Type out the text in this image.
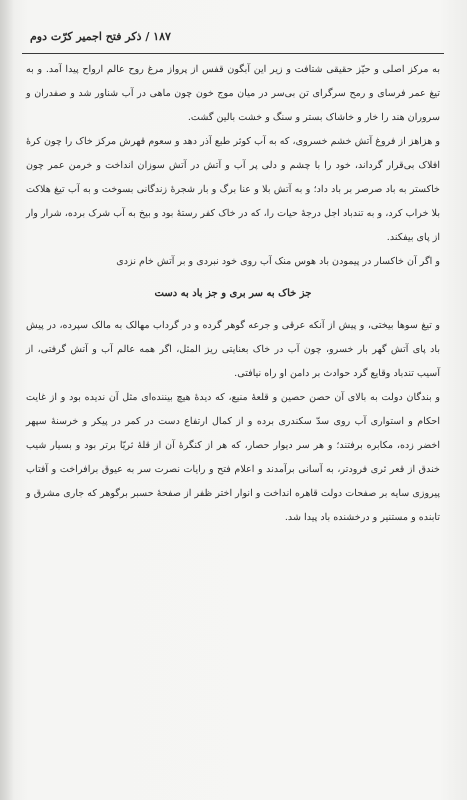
۱۸۷ / ذکر فتح اجمیر کرّت دوم

به مرکز اصلی و حیّز حقیقی شتافت و زیر این آبگون قفس از پرواز مرغ روح عالم ارواح پیدا آمد. و به تیغ عمر فرسای و رمح سرگرای تن بی‌سر در میان موج خون چون ماهی در آب شناور شد و صفدران و سروران هند را خار و خاشاک بستر و سنگ و خشت بالین گشت.

و هزاهز از فروغ آتش خشم خسروی، که به آب کوثر طبع آذر دهد و سعوم قهرش مرکز خاک را چون کرهٔ افلاک بی‌قرار گرداند، خود را با چشم و دلی پر آب و آتش در آتش سوزان انداخت و خرمن عمر چون خاکستر به باد صرصر بر باد داد؛ و به آتش بلا و عنا برگ و بار شجرهٔ زندگانی بسوخت و به آب تیغ هلاکت بلا خراب کرد، و به تندباد اجل درجهٔ حیات را، که در خاک کفر رستهٔ بود و بیخ به آب شرک برده، شرار وار از پای بیفکند.

و اگر آن خاکسار در پیمودن باد هوس منک آب روی خود نبردی و بر آتش خام نزدی

جز خاک به سر بری و جز باد به دست

و تیغ سوها بیختی، و پیش از آنکه عرقی و جرعه گوهر گرده و در گرداب مهالک به مالک سپرده، در پیش باد پای آتش گهر بار خسرو، چون آب در خاک بعنایتی ریز المثل، اگر همه عالم آب و آتش گرفتی، از آسیب تندباد وقایع گرد حوادث بر دامن او راه نیافتی.

و بندگان دولت به بالای آن حصن حصین و قلعهٔ منیع، که دیدهٔ هیچ بیننده‌ای مثل آن ندیده بود و از غایت احکام و استواری آب روی سدّ سکندری برده و از کمال ارتفاع دست در کمر در پیکر و خرسنهٔ سپهر اخضر زده، مکابره برفتند؛ و هر سر دیوار حصار، که هر از کنگرهٔ آن از قلهٔ ثریّا برتر بود و بسیار شیب خندق از قعر ثری فرودتر، به آسانی برآمدند و اعلام فتح و رایات نصرت سر به عیوق برافراخت و آفتاب پیروزی سایه بر صفحات دولت قاهره انداخت و انوار اختر ظفر از صفحهٔ حسبر برگوهر که جاری مشرق و تابنده و مستنیر و درخشنده باد پیدا شد.
